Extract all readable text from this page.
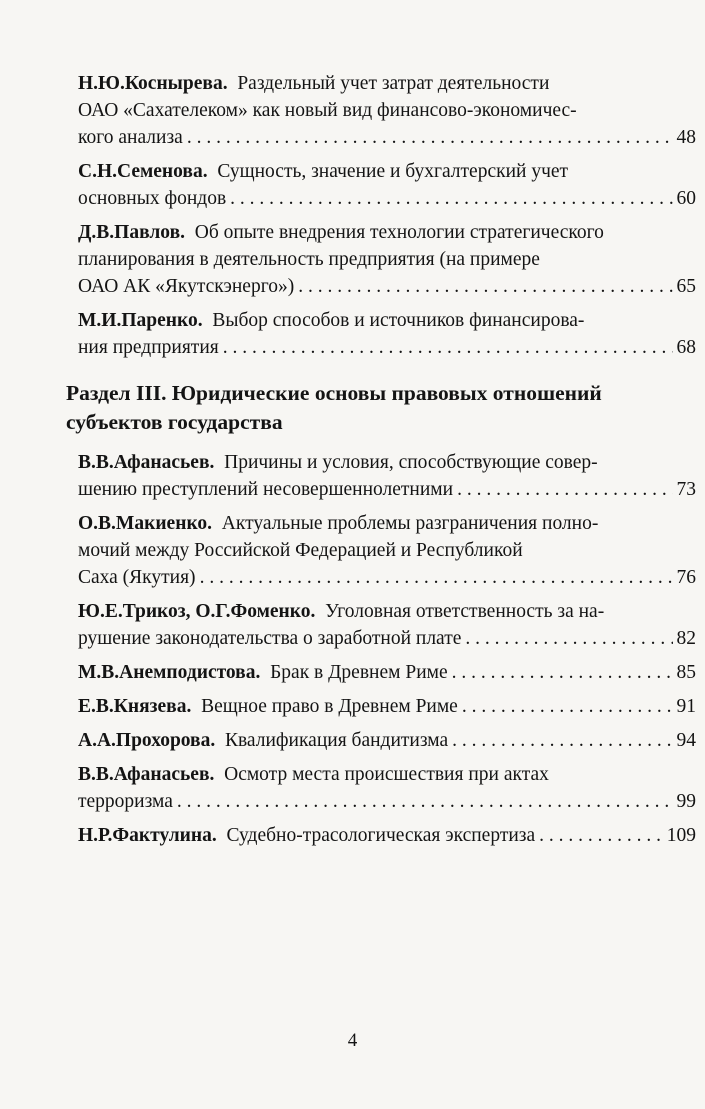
Н.Ю.Коснырева. Раздельный учет затрат деятельности
ОАО «Сахателеком» как новый вид финансово-экономичес-
кого анализа . . .	48
С.Н.Семенова. Сущность, значение и бухгалтерский учет
основных фондов . . .	60
Д.В.Павлов. Об опыте внедрения технологии стратегического
планирования в деятельность предприятия (на примере
ОАО АК «Якутскэнерго») . . .	65
М.И.Паренко. Выбор способов и источников финансирова-
ния предприятия . . .	68
Раздел III. Юридические основы правовых отношений
субъектов государства
В.В.Афанасьев. Причины и условия, способствующие совер-
шению преступлений несовершеннолетними . . .	73
О.В.Макиенко. Актуальные проблемы разграничения полно-
мочий между Российской Федерацией и Республикой
Саха (Якутия) . . .	76
Ю.Е.Трикоз, О.Г.Фоменко. Уголовная ответственность за на-
рушение законодательства о заработной плате . . .	82
М.В.Анемподистова. Брак в Древнем Риме . . .	85
Е.В.Князева. Вещное право в Древнем Риме . . .	91
А.А.Прохорова. Квалификация бандитизма . . .	94
В.В.Афанасьев. Осмотр места происшествия при актах
терроризма . . .	99
Н.Р.Фактулина. Судебно-трасологическая экспертиза . . .	109
4
